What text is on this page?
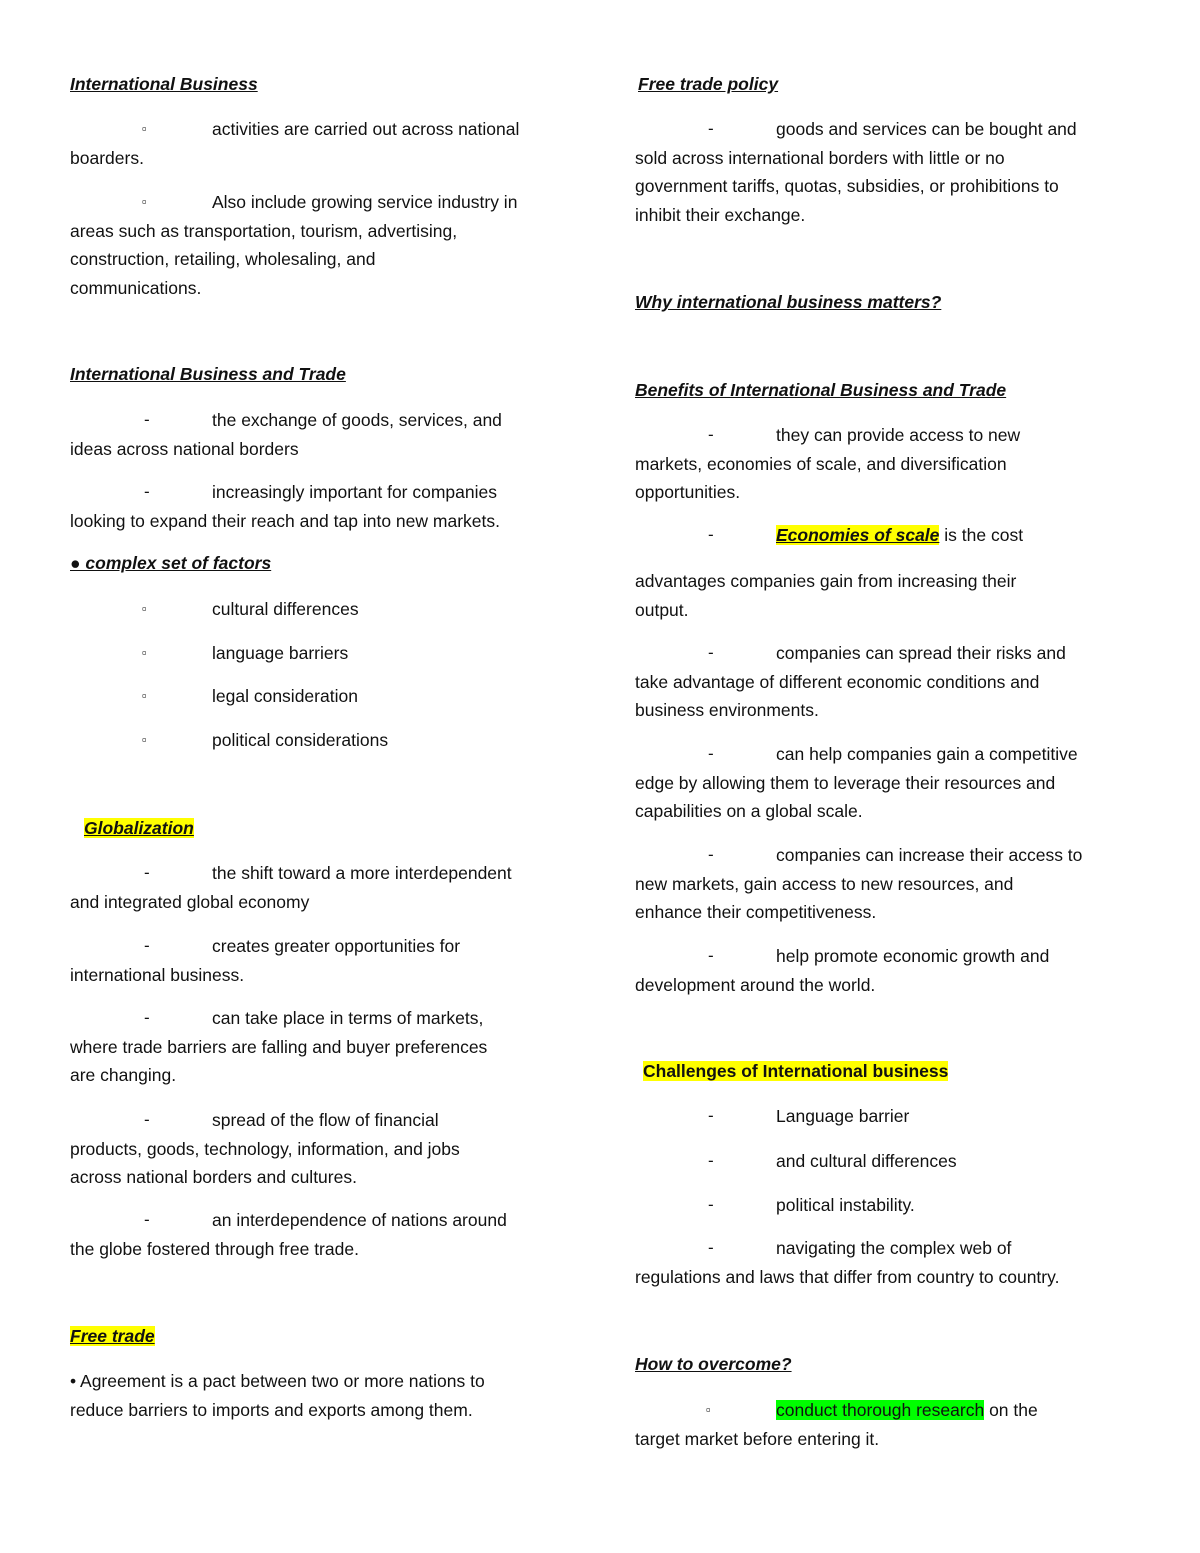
International Business
▫	activities are carried out across national
boarders.
▫	Also include growing service industry in
areas such as transportation, tourism, advertising,
construction, retailing, wholesaling, and
communications.
International Business and Trade
-	the exchange of goods, services, and
ideas across national borders
-	increasingly important for companies
looking to expand their reach and tap into new markets.
● complex set of factors
▫	cultural differences
▫	language barriers
▫	legal consideration
▫	political considerations
Globalization
-	the shift toward a more interdependent
and integrated global economy
-	creates greater opportunities for
international business.
-	can take place in terms of markets,
where trade barriers are falling and buyer preferences
are changing.
-	spread of the flow of financial
products, goods, technology, information, and jobs
across national borders and cultures.
-	an interdependence of nations around
the globe fostered through free trade.
Free trade
• Agreement is a pact between two or more nations to
reduce barriers to imports and exports among them.
Free trade policy
-	goods and services can be bought and
sold across international borders with little or no
government tariffs, quotas, subsidies, or prohibitions to
inhibit their exchange.
Why international business matters?
Benefits of International Business and Trade
-	they can provide access to new
markets, economies of scale, and diversification
opportunities.
-	Economies of scale is the cost
advantages companies gain from increasing their
output.
-	companies can spread their risks and
take advantage of different economic conditions and
business environments.
-	can help companies gain a competitive
edge by allowing them to leverage their resources and
capabilities on a global scale.
-	companies can increase their access to
new markets, gain access to new resources, and
enhance their competitiveness.
-	help promote economic growth and
development around the world.
Challenges of International business
-	Language barrier
-	and cultural differences
-	political instability.
-	navigating the complex web of
regulations and laws that differ from country to country.
How to overcome?
▫	conduct thorough research on the
target market before entering it.
